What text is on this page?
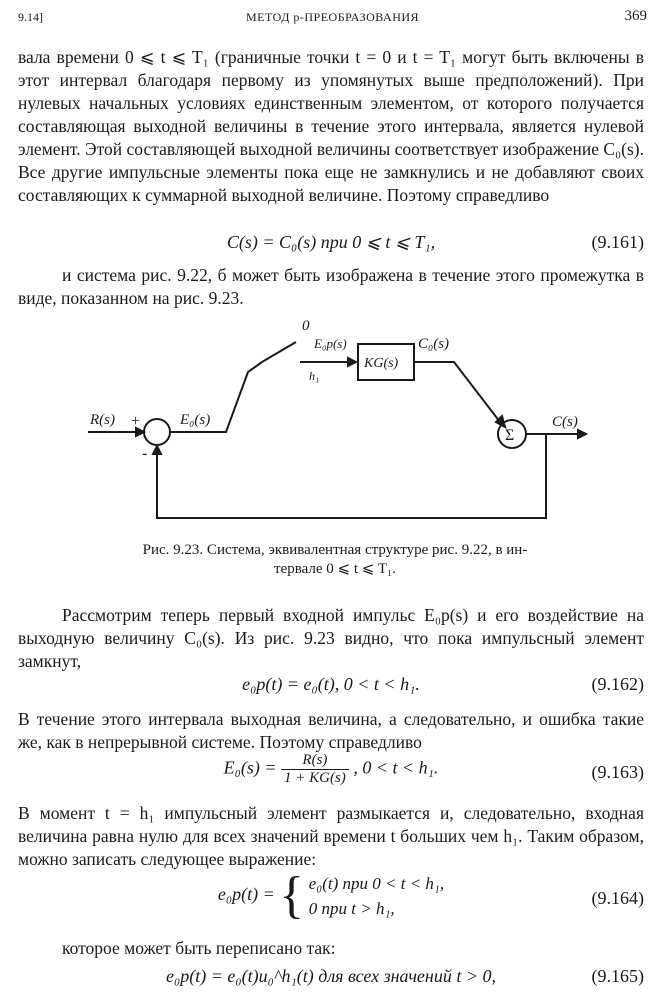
9.14]	МЕТОД p-ПРЕОБРАЗОВАНИЯ	369
вала времени 0 ⩽ t ⩽ T₁ (граничные точки t = 0 и t = T₁ могут быть включены в этот интервал благодаря первому из упомянутых выше предположений). При нулевых начальных условиях единственным элементом, от которого получается составляющая выходной величины в течение этого интервала, является нулевой элемент. Этой составляющей выходной величины соответствует изображение C₀(s). Все другие импульсные элементы пока еще не замкнулись и не добавляют своих составляющих к суммарной выходной величине. Поэтому справедливо
C(s) = C₀(s) при 0 ⩽ t ⩽ T₁,	(9.161)
и система рис. 9.22, б может быть изображена в течение этого промежутка в виде, показанном на рис. 9.23.
R(s) +
-
E₀(s)
0
E₀p(s)
h₁
KG(s)
C₀(s)
Σ
C(s)
Рис. 9.23. Система, эквивалентная структуре рис. 9.22, в ин-
тервале 0 ⩽ t ⩽ T₁.
Рассмотрим теперь первый входной импульс E₀p(s) и его воздействие на выходную величину C₀(s). Из рис. 9.23 видно, что пока импульсный элемент замкнут,
e₀p(t) = e₀(t), 0 < t < h₁.	(9.162)
В течение этого интервала выходная величина, а следовательно, и ошибка такие же, как в непрерывной системе. Поэтому справедливо
$E_0(s) = \frac{R(s)}{1 + KG(s)}$ , 0 < t < h₁.	(9.163)
В момент t = h₁ импульсный элемент размыкается и, следовательно, входная величина равна нулю для всех значений времени t больших чем h₁. Таким образом, можно записать следующее выражение:
e₀p(t) = { e₀(t) при 0 < t < h₁,
0 при t > h₁,
(9.164)
которое может быть переписано так:
e₀p(t) = e₀(t)u₀^h₁(t) для всех значений t > 0,	(9.165)
